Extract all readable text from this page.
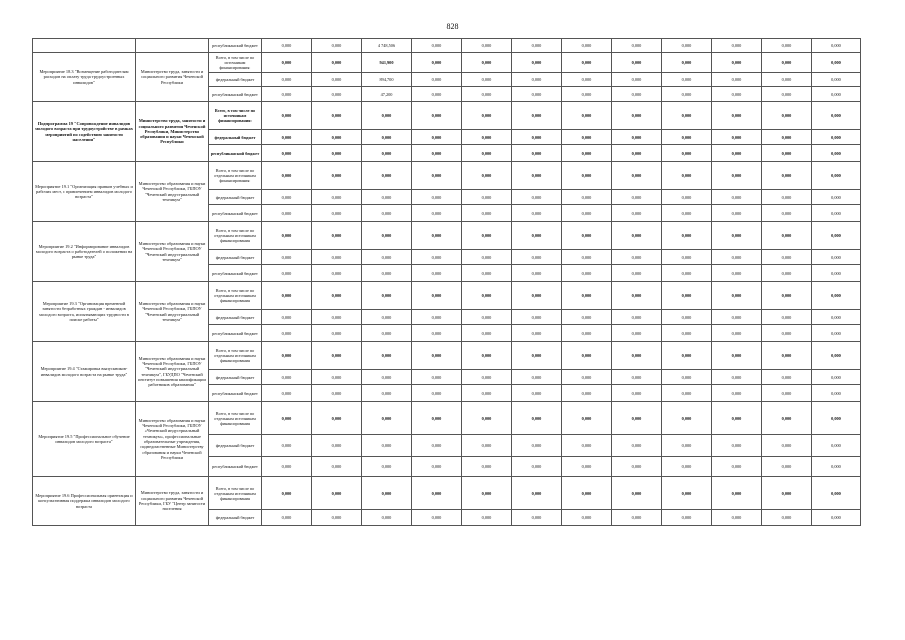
828
		республиканский бюджет	0,000	0,000	4 748,506	0,000	0,000	0,000	0,000	0,000	0,000	0,000	0,000	0,000
Мероприятие 18.3 "Возмещение работодателям расходов на оплату труда трудоустроенных инвалидов"	Министерство труда, занятости и социального развития Чеченской Республики	Всего, в том числе по источникам финансирования:	0,000	0,000	941,900	0,000	0,000	0,000	0,000	0,000	0,000	0,000	0,000	0,000
		федеральный бюджет	0,000	0,000	894,700	0,000	0,000	0,000	0,000	0,000	0,000	0,000	0,000	0,000
		республиканский бюджет	0,000	0,000	47,200	0,000	0,000	0,000	0,000	0,000	0,000	0,000	0,000	0,000
Подпрограмма 19 "Сопровождение инвалидов молодого возраста при трудоустройстве в рамках мероприятий по содействию занятости населения"	Министерство труда, занятости и социального развития Чеченской Республики, Министерство образования и науки Чеченской Республики	Всего, в том числе по источникам финансирования:	0,000	0,000	0,000	0,000	0,000	0,000	0,000	0,000	0,000	0,000	0,000	0,000
		федеральный бюджет	0,000	0,000	0,000	0,000	0,000	0,000	0,000	0,000	0,000	0,000	0,000	0,000
		республиканский бюджет	0,000	0,000	0,000	0,000	0,000	0,000	0,000	0,000	0,000	0,000	0,000	0,000
Мероприятие 19.1 "Организация правков учебных и рабочих мест, с привлечением инвалидов молодого возраста"	Министерство образования и науки Чеченской Республики, ГБПОУ "Чеченский индустриальный техникум"	Всего, в том числе по отдельным источникам финансирования:	0,000	0,000	0,000	0,000	0,000	0,000	0,000	0,000	0,000	0,000	0,000	0,000
		федеральный бюджет	0,000	0,000	0,000	0,000	0,000	0,000	0,000	0,000	0,000	0,000	0,000	0,000
		республиканский бюджет	0,000	0,000	0,000	0,000	0,000	0,000	0,000	0,000	0,000	0,000	0,000	0,000
Мероприятие 19.2 "Информирование инвалидов молодого возраста о работодателей о положении на рынке труда"	Министерство образования и науки Чеченской Республики, ГБПОУ "Чеченский индустриальный техникум"	Всего, в том числе по отдельным источникам финансирования	0,000	0,000	0,000	0,000	0,000	0,000	0,000	0,000	0,000	0,000	0,000	0,000
		федеральный бюджет	0,000	0,000	0,000	0,000	0,000	0,000	0,000	0,000	0,000	0,000	0,000	0,000
		республиканский бюджет	0,000	0,000	0,000	0,000	0,000	0,000	0,000	0,000	0,000	0,000	0,000	0,000
Мероприятие 19.3 "Организация временной занятости безработных граждан - инвалидов молодого возраста, испытывающих трудности в поиске работы"	Министерство образования и науки Чеченской Республики, ГБПОУ "Чеченский индустриальный техникум"	Всего, в том числе по отдельным источникам финансирования	0,000	0,000	0,000	0,000	0,000	0,000	0,000	0,000	0,000	0,000	0,000	0,000
		федеральный бюджет	0,000	0,000	0,000	0,000	0,000	0,000	0,000	0,000	0,000	0,000	0,000	0,000
		республиканский бюджет	0,000	0,000	0,000	0,000	0,000	0,000	0,000	0,000	0,000	0,000	0,000	0,000
Мероприятие 19.4 "Стажировка выпускников-инвалидов молодого возраста на рынке труда"	Министерство образования и науки Чеченской Республики, ГБПОУ "Чеченский индустриальный техникум", ГБУДПО "Чеченский институт повышения квалификации работников образования"	Всего, в том числе по отдельным источникам финансирования	0,000	0,000	0,000	0,000	0,000	0,000	0,000	0,000	0,000	0,000	0,000	0,000
		федеральный бюджет	0,000	0,000	0,000	0,000	0,000	0,000	0,000	0,000	0,000	0,000	0,000	0,000
		республиканский бюджет	0,000	0,000	0,000	0,000	0,000	0,000	0,000	0,000	0,000	0,000	0,000	0,000
Мероприятие 19.5 "Профессиональное обучение инвалидов молодого возраста"	Министерство образования и науки Чеченской Республики, ГБПОУ «Чеченский индустриальный техникум», профессиональные образовательные учреждения, подведомственные Министерству образования и науки Чеченской Республики	Всего, в том числе по отдельным источникам финансирования	0,000	0,000	0,000	0,000	0,000	0,000	0,000	0,000	0,000	0,000	0,000	0,000
		федеральный бюджет	0,000	0,000	0,000	0,000	0,000	0,000	0,000	0,000	0,000	0,000	0,000	0,000
		республиканский бюджет	0,000	0,000	0,000	0,000	0,000	0,000	0,000	0,000	0,000	0,000	0,000	0,000
Мероприятие 19.6 Профессиональная ориентация и консультативная поддержка инвалидов молодого возраста	Министерство труда, занятости и социального развития Чеченской Республики, ГБУ "Центр занятости населения	Всего, в том числе по отдельным источникам финансирования	0,000	0,000	0,000	0,000	0,000	0,000	0,000	0,000	0,000	0,000	0,000	0,000
		федеральный бюджет	0,000	0,000	0,000	0,000	0,000	0,000	0,000	0,000	0,000	0,000	0,000	0,000
